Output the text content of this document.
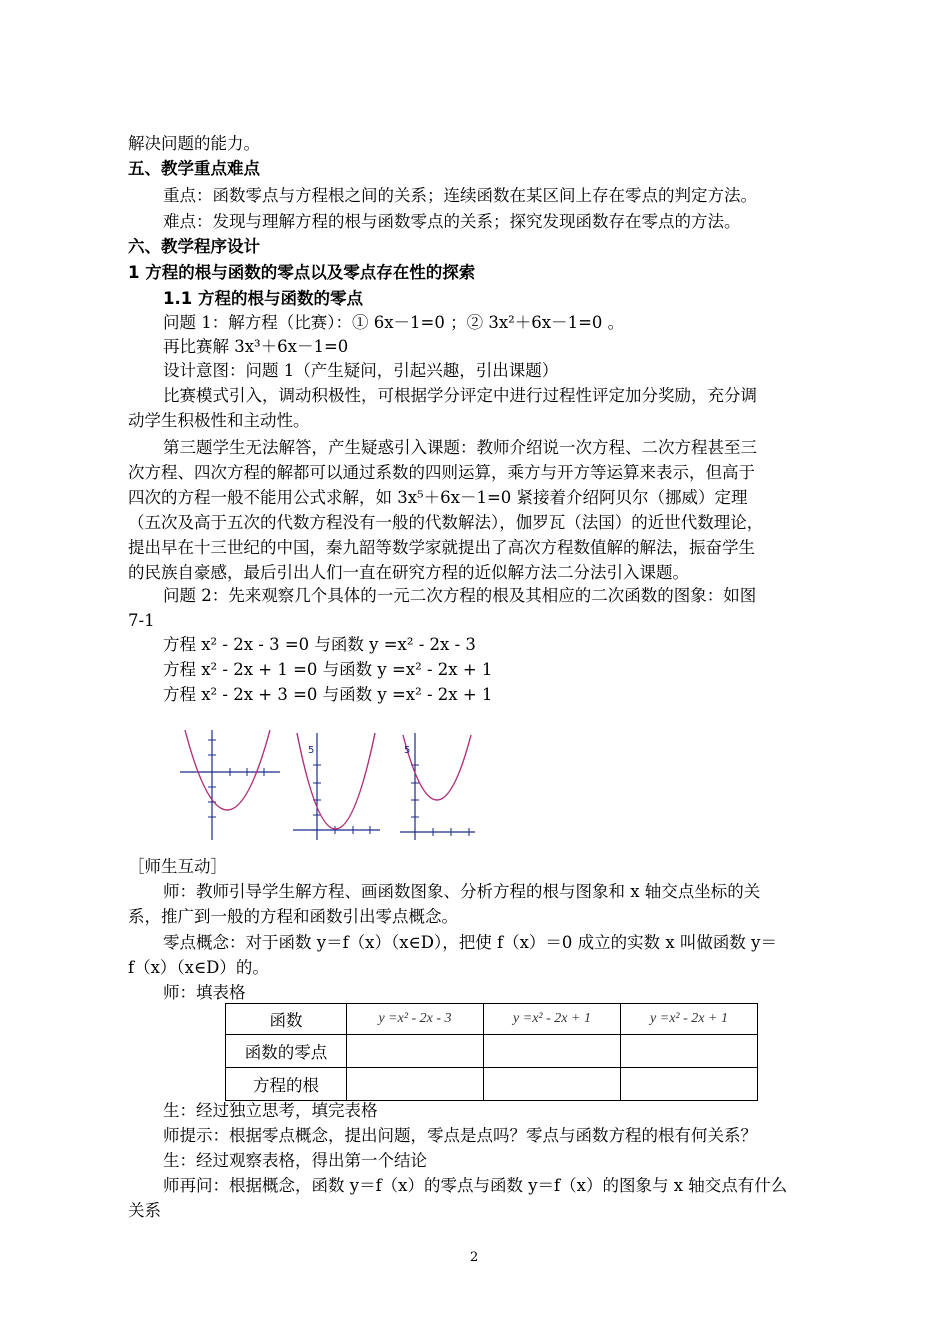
解决问题的能力。
五、教学重点难点
重点：函数零点与方程根之间的关系；连续函数在某区间上存在零点的判定方法。
难点：发现与理解方程的根与函数零点的关系；探究发现函数存在零点的方法。
六、教学程序设计
1 方程的根与函数的零点以及零点存在性的探索
1.1 方程的根与函数的零点
问题 1：解方程（比赛）：① 6x－1=0 ；② 3x²＋6x－1=0 。
再比赛解 3x³＋6x－1=0
设计意图：问题 1（产生疑问，引起兴趣，引出课题）
比赛模式引入，调动积极性，可根据学分评定中进行过程性评定加分奖励，充分调
动学生积极性和主动性。
第三题学生无法解答，产生疑惑引入课题：教师介绍说一次方程、二次方程甚至三
次方程、四次方程的解都可以通过系数的四则运算，乘方与开方等运算来表示，但高于
四次的方程一般不能用公式求解，如 3x⁵＋6x－1=0 紧接着介绍阿贝尔（挪威）定理
（五次及高于五次的代数方程没有一般的代数解法），伽罗瓦（法国）的近世代数理论，
提出早在十三世纪的中国，秦九韶等数学家就提出了高次方程数值解的解法，振奋学生
的民族自豪感，最后引出人们一直在研究方程的近似解方法二分法引入课题。
问题 2：先来观察几个具体的一元二次方程的根及其相应的二次函数的图象：如图
7-1
方程 x² - 2x - 3 =0 与函数 y =x² - 2x - 3
方程 x² - 2x + 1 =0 与函数 y =x² - 2x + 1
方程 x² - 2x + 3 =0 与函数 y =x² - 2x + 1
5	5
［师生互动］
师：教师引导学生解方程、画函数图象、分析方程的根与图象和 x 轴交点坐标的关
系，推广到一般的方程和函数引出零点概念。
零点概念：对于函数 y＝f（x）（x∈D），把使 f（x）＝0 成立的实数 x 叫做函数 y＝
f（x）（x∈D）的。
师：填表格
函数	y =x² - 2x - 3	y =x² - 2x + 1	y =x² - 2x + 1
函数的零点			
方程的根			
生：经过独立思考，填完表格
师提示：根据零点概念，提出问题，零点是点吗？零点与函数方程的根有何关系？
生：经过观察表格，得出第一个结论
师再问：根据概念，函数 y＝f（x）的零点与函数 y＝f（x）的图象与 x 轴交点有什么
关系
2
